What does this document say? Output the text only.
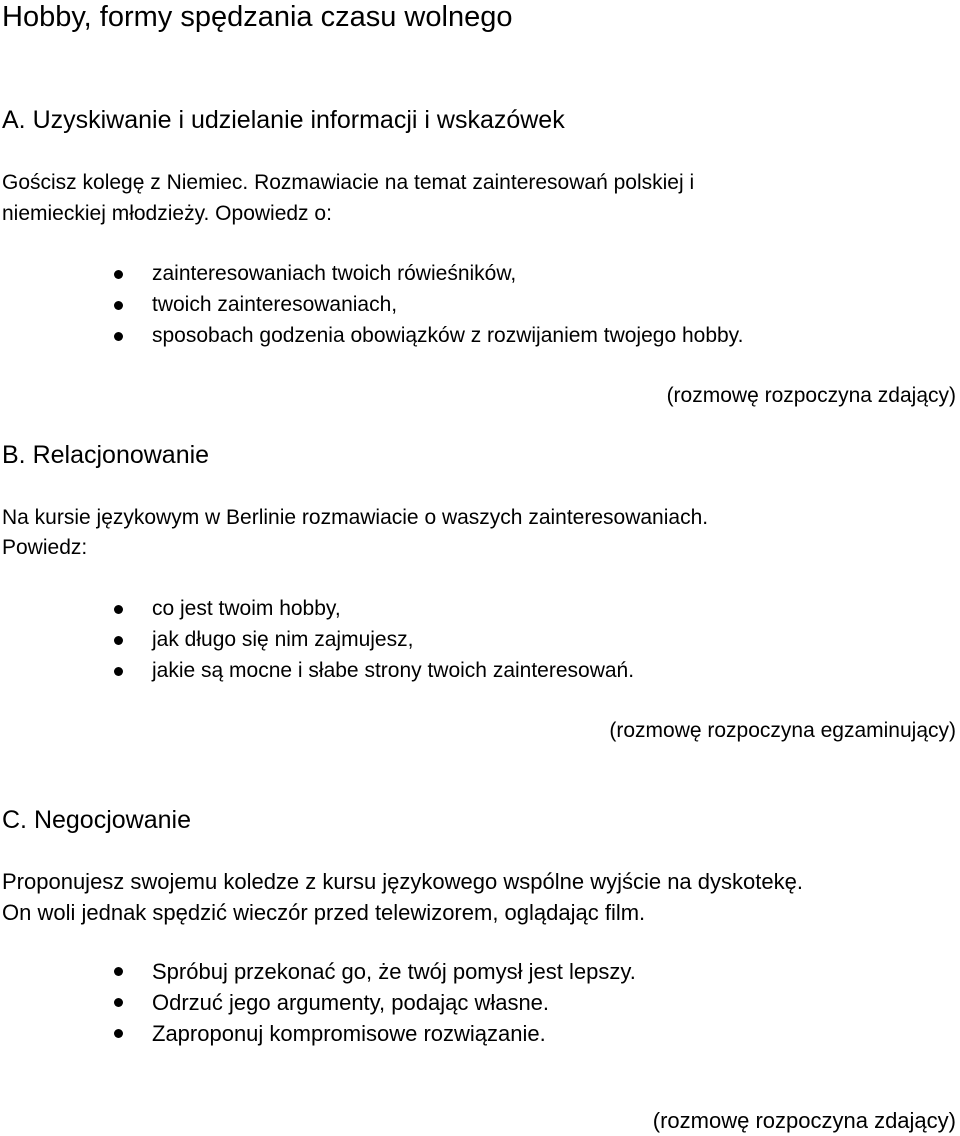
Hobby, formy spędzania czasu wolnego
A. Uzyskiwanie i udzielanie informacji i wskazówek

Gościsz kolegę z Niemiec. Rozmawiacie na temat zainteresowań polskiej i

niemieckiej młodzieży. Opowiedz o:

zainteresowaniach twoich rówieśników,
twoich zainteresowaniach,
sposobach godzenia obowiązków z rozwijaniem twojego hobby.

(rozmowę rozpoczyna zdający)

B. Relacjonowanie

Na kursie językowym w Berlinie rozmawiacie o waszych zainteresowaniach.

Powiedz:

co jest twoim hobby,
jak długo się nim zajmujesz,
jakie są mocne i słabe strony twoich zainteresowań.

(rozmowę rozpoczyna egzaminujący)

C. Negocjowanie

Proponujesz swojemu koledze z kursu językowego wspólne wyjście na dyskotekę.

On woli jednak spędzić wieczór przed telewizorem, oglądając film.

Spróbuj przekonać go, że twój pomysł jest lepszy.
Odrzuć jego argumenty, podając własne.
Zaproponuj kompromisowe rozwiązanie.

(rozmowę rozpoczyna zdający)
